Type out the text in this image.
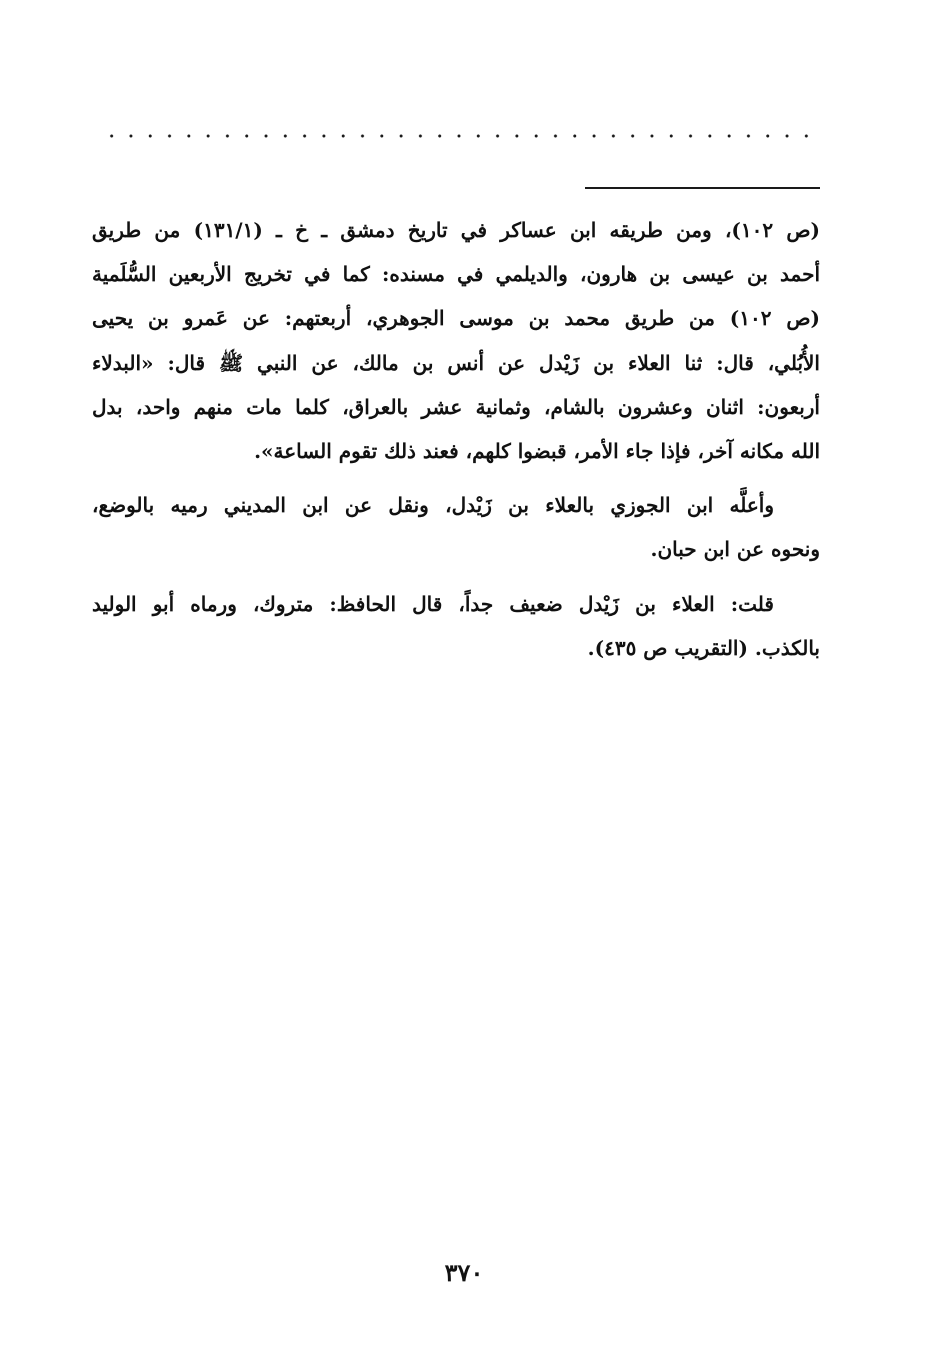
(ص ١٠٢)، ومن طريقه ابن عساكر في تاريخ دمشق ـ خ ـ (١٣١/١) من طريق
أحمد بن عيسى بن هارون، والديلمي في مسنده: كما في تخريج الأربعين السُّلَمية
(ص ١٠٢) من طريق محمد بن موسى الجوهري، أربعتهم: عن عَمرو بن يحيى
الأُبُلي، قال: ثنا العلاء بن زَيْدل عن أنس بن مالك، عن النبي ﷺ قال: «البدلاء
أربعون: اثنان وعشرون بالشام، وثمانية عشر بالعراق، كلما مات منهم واحد، بدل
الله مكانه آخر، فإذا جاء الأمر، قبضوا كلهم، فعند ذلك تقوم الساعة».

وأعلَّه ابن الجوزي بالعلاء بن زَيْدل، ونقل عن ابن المديني رميه بالوضع،
ونحوه عن ابن حبان.

قلت: العلاء بن زَيْدل ضعيف جداً، قال الحافظ: متروك، ورماه أبو الوليد
بالكذب. (التقريب ص ٤٣٥).

٣٧٠
